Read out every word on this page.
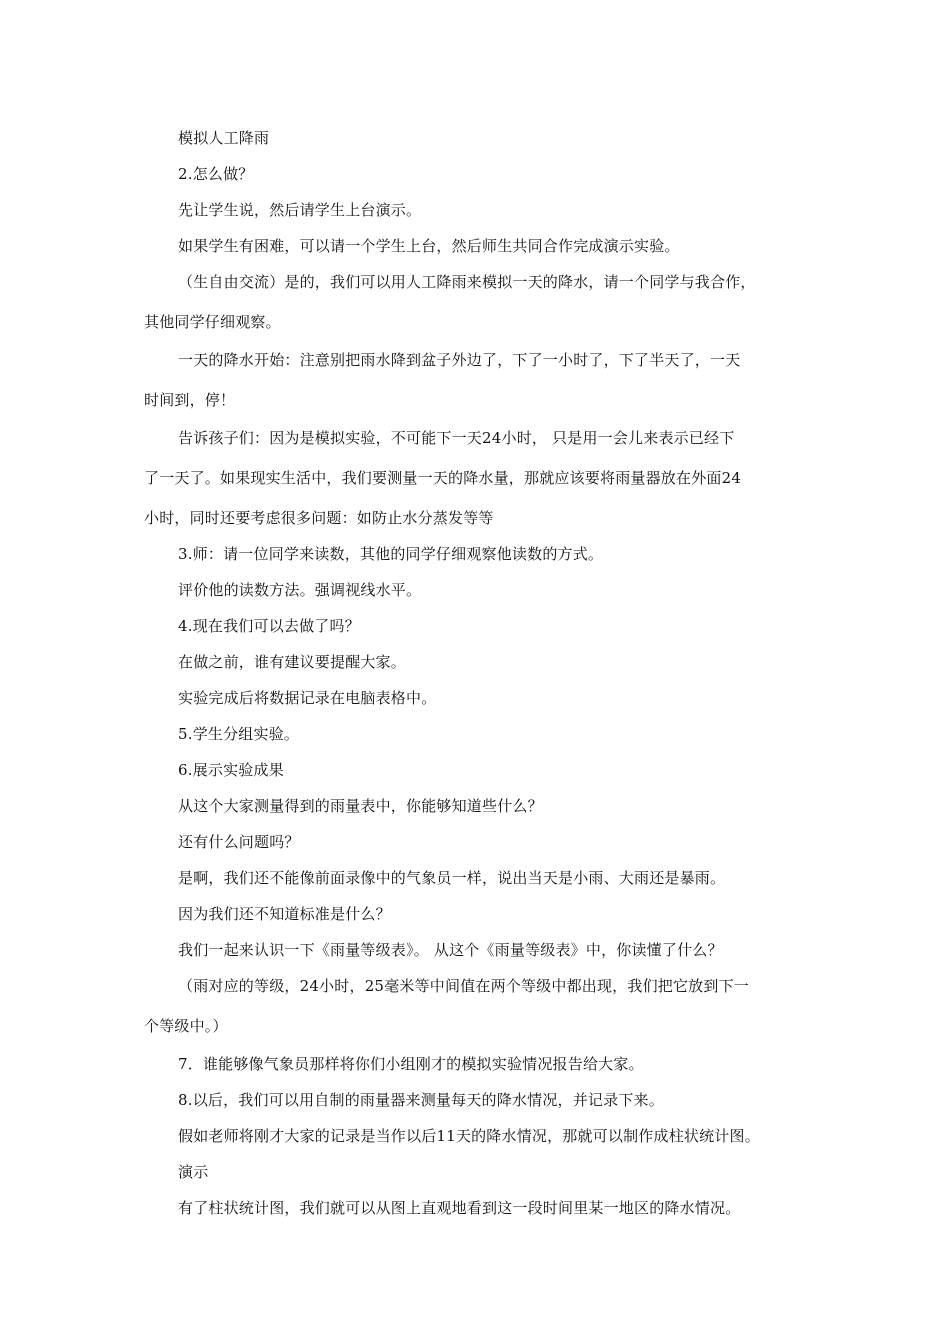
模拟人工降雨
2.怎么做？
先让学生说，然后请学生上台演示。
如果学生有困难，可以请一个学生上台，然后师生共同合作完成演示实验。
（生自由交流）是的，我们可以用人工降雨来模拟一天的降水，请一个同学与我合作，
其他同学仔细观察。
一天的降水开始：注意别把雨水降到盆子外边了，下了一小时了，下了半天了，一天
时间到，停！
告诉孩子们：因为是模拟实验，不可能下一天24小时， 只是用一会儿来表示已经下
了一天了。如果现实生活中，我们要测量一天的降水量，那就应该要将雨量器放在外面24
小时，同时还要考虑很多问题：如防止水分蒸发等等
3.师：请一位同学来读数，其他的同学仔细观察他读数的方式。
评价他的读数方法。强调视线水平。
4.现在我们可以去做了吗？
在做之前，谁有建议要提醒大家。
实验完成后将数据记录在电脑表格中。
5.学生分组实验。
6.展示实验成果
从这个大家测量得到的雨量表中，你能够知道些什么？
还有什么问题吗？
是啊，我们还不能像前面录像中的气象员一样，说出当天是小雨、大雨还是暴雨。
因为我们还不知道标准是什么？
我们一起来认识一下《雨量等级表》。 从这个《雨量等级表》中，你读懂了什么？
（雨对应的等级，24小时，25毫米等中间值在两个等级中都出现，我们把它放到下一
个等级中。）
7．谁能够像气象员那样将你们小组刚才的模拟实验情况报告给大家。
8.以后，我们可以用自制的雨量器来测量每天的降水情况，并记录下来。
假如老师将刚才大家的记录是当作以后11天的降水情况，那就可以制作成柱状统计图。
演示
有了柱状统计图，我们就可以从图上直观地看到这一段时间里某一地区的降水情况。
